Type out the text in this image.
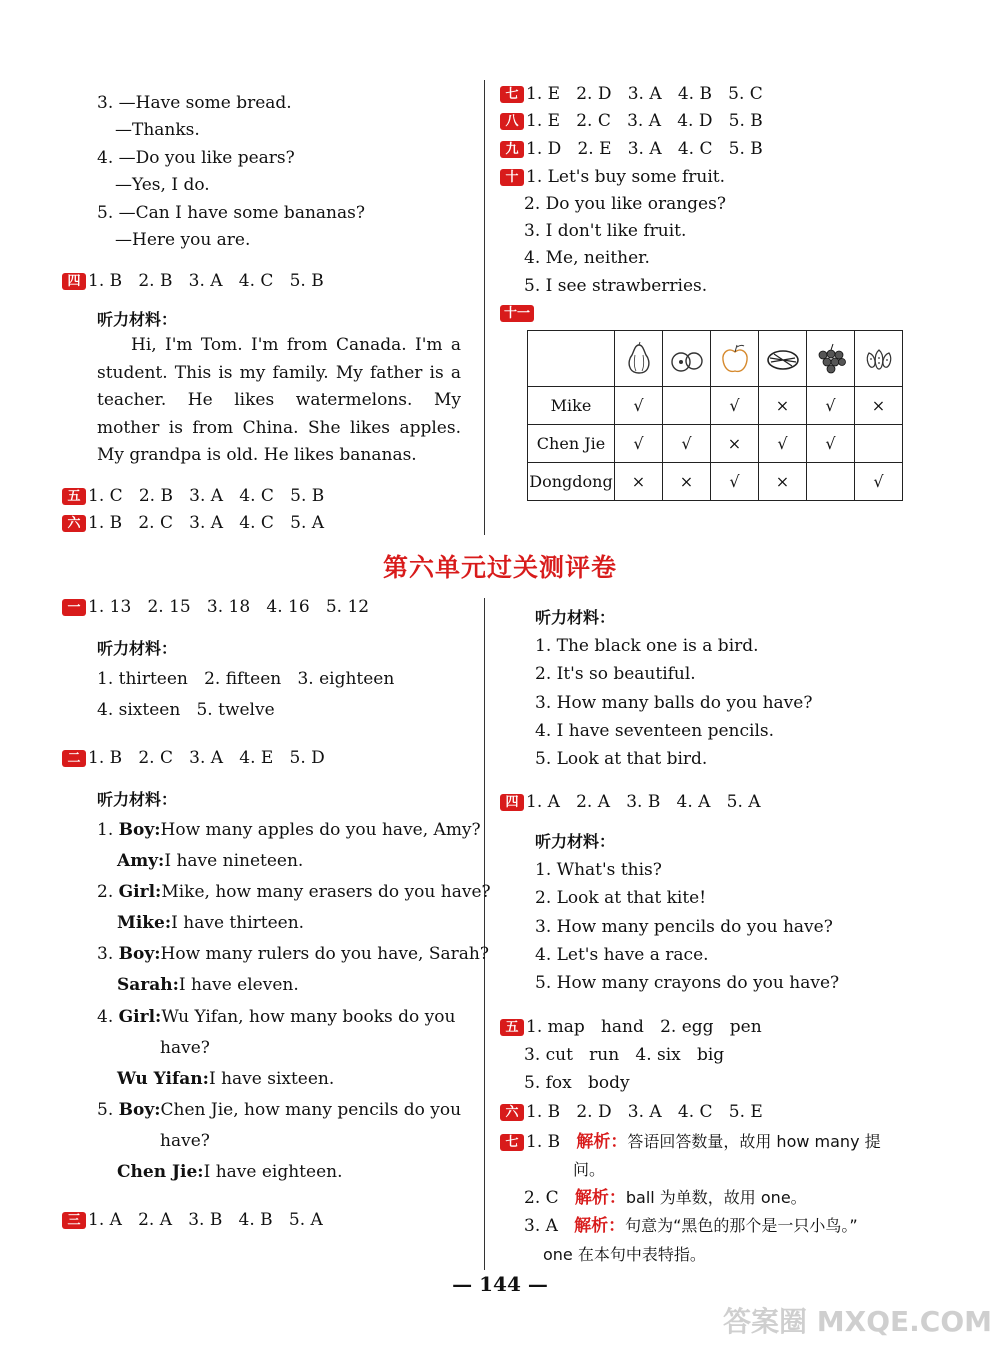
3. —Have some bread.
—Thanks.
4. —Do you like pears?
—Yes, I do.
5. —Can I have some bananas?
—Here you are.
四 1. B   2. B   3. A   4. C   5. B
听力材料：
Hi, I'm Tom. I'm from Canada. I'm a student. This is my family. My father is a teacher. He likes watermelons. My mother is from China. She likes apples. My grandpa is old. He likes bananas.
五 1. C   2. B   3. A   4. C   5. B
六 1. B   2. C   3. A   4. C   5. A
七 1. E   2. D   3. A   4. B   5. C
八 1. E   2. C   3. A   4. D   5. B
九 1. D   2. E   3. A   4. C   5. B
十 1. Let's buy some fruit.
2. Do you like oranges?
3. I don't like fruit.
4. Me, neither.
5. I see strawberries.
十一

Mike	√		√	×	√	×
Chen Jie	√	√	×	√	√	
Dongdong	×	×	√	×		√
第六单元过关测评卷
一 1. 13   2. 15   3. 18   4. 16   5. 12
听力材料：
1. thirteen   2. fifteen   3. eighteen
4. sixteen   5. twelve
二 1. B   2. C   3. A   4. E   5. D
听力材料：
1. Boy:How many apples do you have, Amy?
Amy:I have nineteen.
2. Girl:Mike, how many erasers do you have?
Mike:I have thirteen.
3. Boy:How many rulers do you have, Sarah?
Sarah:I have eleven.
4. Girl:Wu Yifan, how many books do you
have?
Wu Yifan:I have sixteen.
5. Boy:Chen Jie, how many pencils do you
have?
Chen Jie:I have eighteen.
三 1. A   2. A   3. B   4. B   5. A
听力材料：
1. The black one is a bird.
2. It's so beautiful.
3. How many balls do you have?
4. I have seventeen pencils.
5. Look at that bird.
四 1. A   2. A   3. B   4. A   5. A
听力材料：
1. What's this?
2. Look at that kite!
3. How many pencils do you have?
4. Let's have a race.
5. How many crayons do you have?
五 1. map   hand   2. egg   pen
3. cut   run   4. six   big
5. fox   body
六 1. B   2. D   3. A   4. C   5. E
七 1. B 解析：答语回答数量，故用 how many 提
问。
2. C 解析：ball 为单数，故用 one。
3. A 解析：句意为“黑色的那个是一只小鸟。”
one 在本句中表特指。
— 144 —
答案圈 MXQE.COM
